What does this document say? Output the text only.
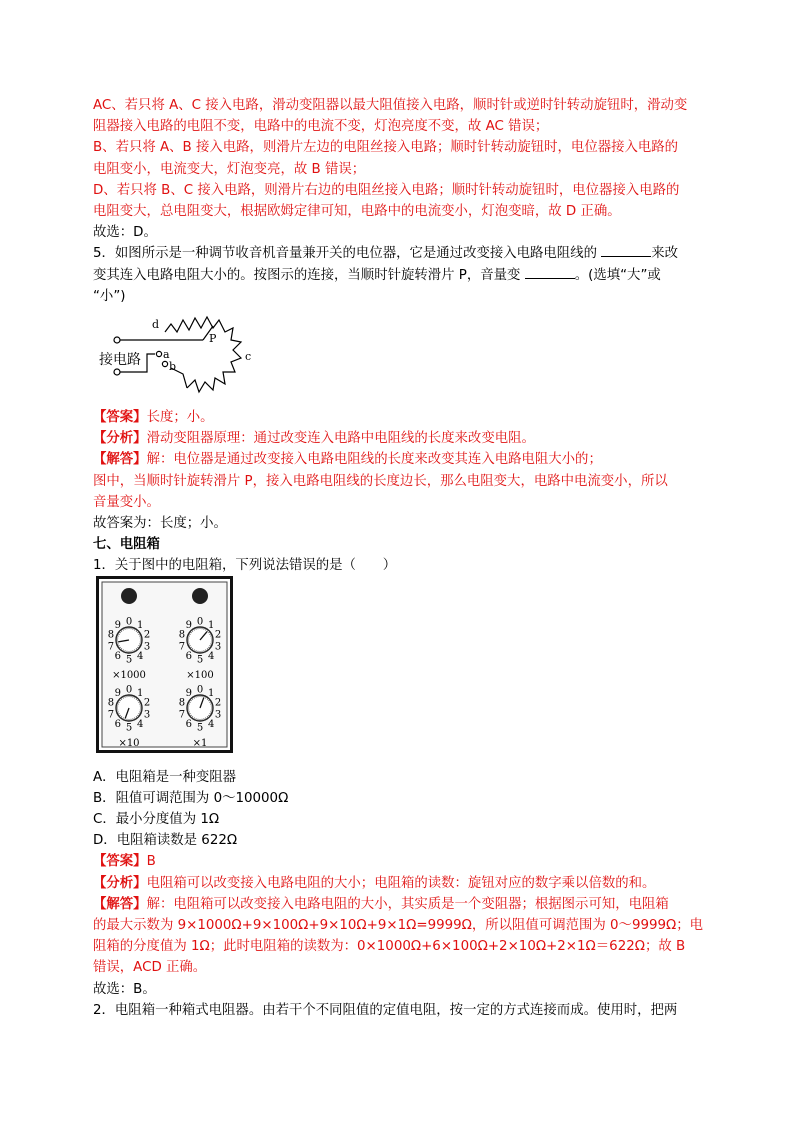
AC、若只将 A、C 接入电路，滑动变阻器以最大阻值接入电路，顺时针或逆时针转动旋钮时，滑动变
阻器接入电路的电阻不变，电路中的电流不变，灯泡亮度不变，故 AC 错误；
B、若只将 A、B 接入电路，则滑片左边的电阻丝接入电路；顺时针转动旋钮时，电位器接入电路的
电阻变小，电流变大，灯泡变亮，故 B 错误；
D、若只将 B、C 接入电路，则滑片右边的电阻丝接入电路；顺时针转动旋钮时，电位器接入电路的
电阻变大，总电阻变大，根据欧姆定律可知，电路中的电流变小，灯泡变暗，故 D 正确。
故选：D。
5．如图所示是一种调节收音机音量兼开关的电位器，它是通过改变接入电路电阻线的	来改
变其连入电路电阻大小的。按图示的连接，当顺时针旋转滑片 P，音量变	。(选填“大”或
“小”)
【答案】长度；小。
【分析】滑动变阻器原理：通过改变连入电路中电阻线的长度来改变电阻。
【解答】解：电位器是通过改变接入电路电阻线的长度来改变其连入电路电阻大小的；
图中，当顺时针旋转滑片 P，接入电路电阻线的长度边长，那么电阻变大，电路中电流变小，所以
音量变小。
故答案为：长度；小。
七、电阻箱
1．关于图中的电阻箱，下列说法错误的是（　　）
A．电阻箱是一种变阻器
B．阻值可调范围为 0～10000Ω
C．最小分度值为 1Ω
D．电阻箱读数是 622Ω
【答案】B
【分析】电阻箱可以改变接入电路电阻的大小；电阻箱的读数：旋钮对应的数字乘以倍数的和。
【解答】解：电阻箱可以改变接入电路电阻的大小，其实质是一个变阻器；根据图示可知，电阻箱
的最大示数为 9×1000Ω+9×100Ω+9×10Ω+9×1Ω=9999Ω，所以阻值可调范围为 0～9999Ω；电
阻箱的分度值为 1Ω；此时电阻箱的读数为：0×1000Ω+6×100Ω+2×10Ω+2×1Ω＝622Ω；故 B
错误，ACD 正确。
故选：B。
2．电阻箱一种箱式电阻器。由若干个不同阻值的定值电阻，按一定的方式连接而成。使用时，把两
接电路
d
P
a
b
c
0 1
2
3
4
5
6
7
8
9
×1000
0 1
2
3
4
5
6
7
8
9
×100
0 1
2
3
4
5
6
7
8
9
×10
0 1
2
3
4
5
6
7
8
9
×1
